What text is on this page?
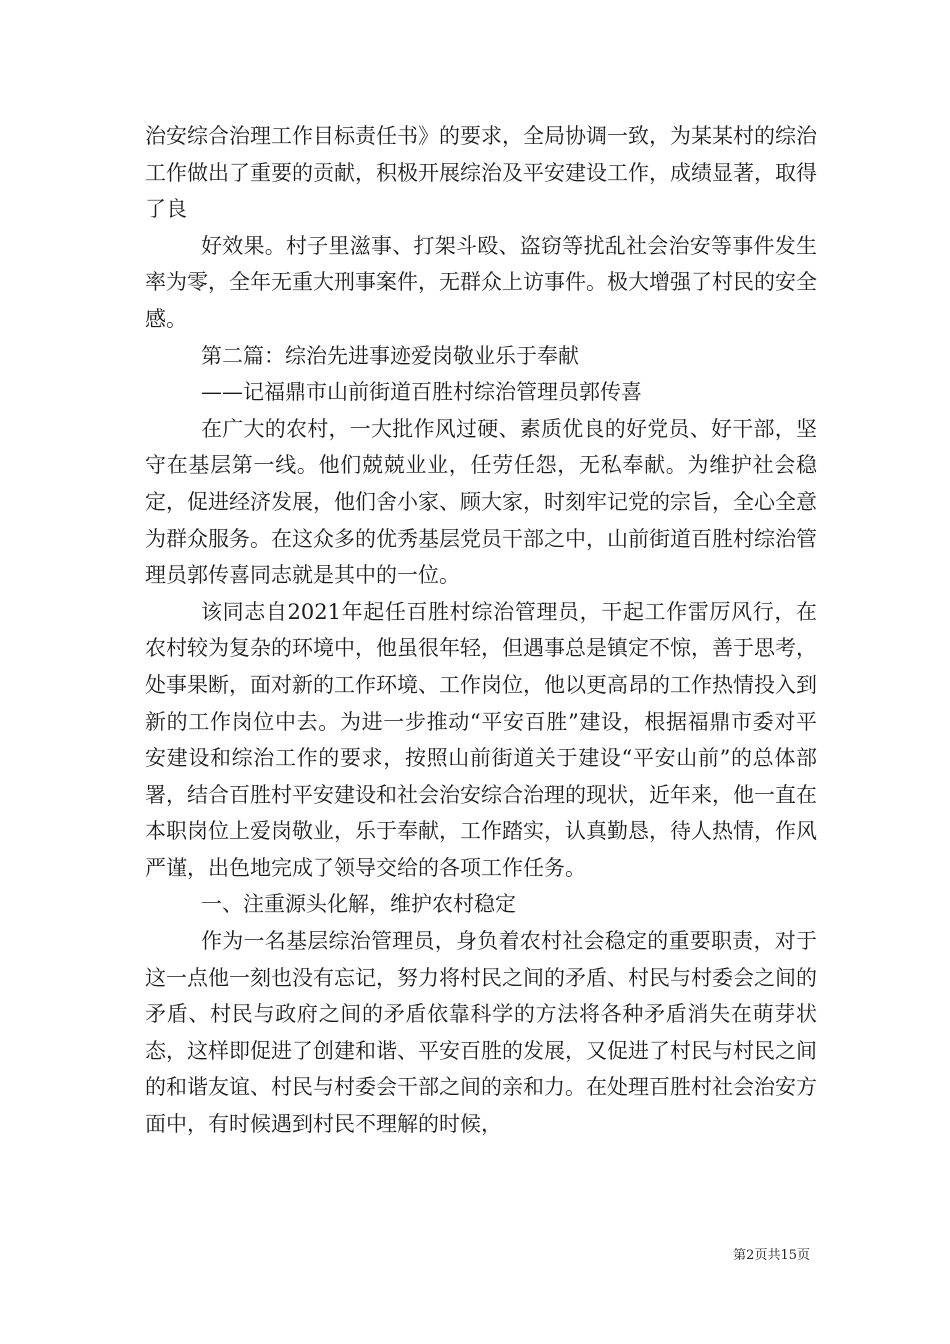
治安综合治理工作目标责任书》的要求，全局协调一致，为某某村的综治工作做出了重要的贡献，积极开展综治及平安建设工作，成绩显著，取得了良

好效果。村子里滋事、打架斗殴、盗窃等扰乱社会治安等事件发生率为零，全年无重大刑事案件，无群众上访事件。极大增强了村民的安全感。

第二篇：综治先进事迹爱岗敬业乐于奉献

——记福鼎市山前街道百胜村综治管理员郭传喜

在广大的农村，一大批作风过硬、素质优良的好党员、好干部，坚守在基层第一线。他们兢兢业业，任劳任怨，无私奉献。为维护社会稳定，促进经济发展，他们舍小家、顾大家，时刻牢记党的宗旨，全心全意为群众服务。在这众多的优秀基层党员干部之中，山前街道百胜村综治管理员郭传喜同志就是其中的一位。

该同志自2021年起任百胜村综治管理员，干起工作雷厉风行，在农村较为复杂的环境中，他虽很年轻，但遇事总是镇定不惊，善于思考，处事果断，面对新的工作环境、工作岗位，他以更高昂的工作热情投入到新的工作岗位中去。为进一步推动“平安百胜”建设，根据福鼎市委对平安建设和综治工作的要求，按照山前街道关于建设“平安山前”的总体部署，结合百胜村平安建设和社会治安综合治理的现状，近年来，他一直在本职岗位上爱岗敬业，乐于奉献，工作踏实，认真勤恳，待人热情，作风严谨，出色地完成了领导交给的各项工作任务。

一、注重源头化解，维护农村稳定

作为一名基层综治管理员，身负着农村社会稳定的重要职责，对于这一点他一刻也没有忘记，努力将村民之间的矛盾、村民与村委会之间的矛盾、村民与政府之间的矛盾依靠科学的方法将各种矛盾消失在萌芽状态，这样即促进了创建和谐、平安百胜的发展，又促进了村民与村民之间的和谐友谊、村民与村委会干部之间的亲和力。在处理百胜村社会治安方面中，有时候遇到村民不理解的时候，

第2页共15页
